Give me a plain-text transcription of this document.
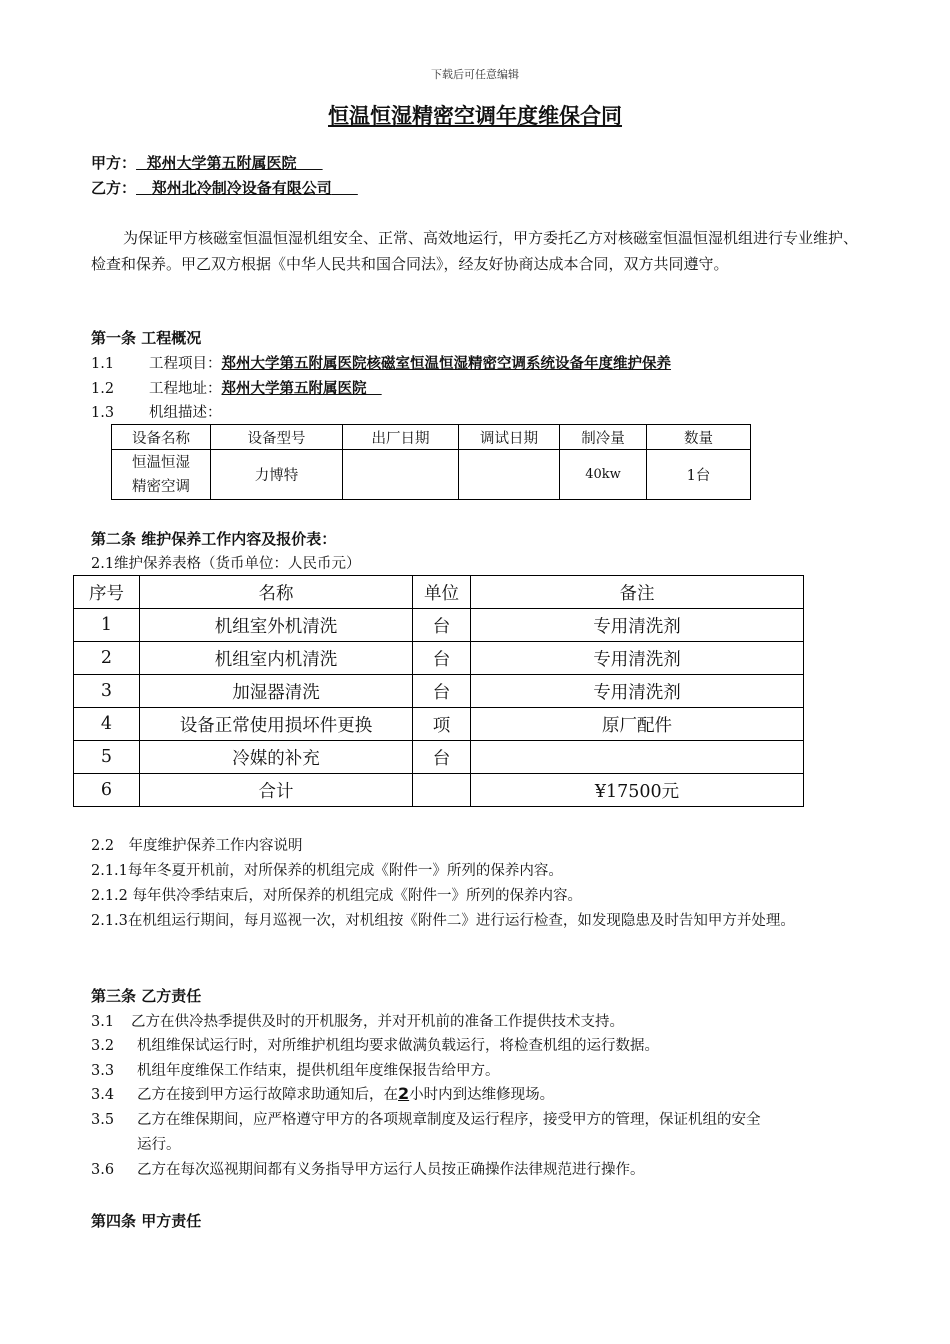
下载后可任意编辑
恒温恒湿精密空调年度维保合同
甲方： 郑州大学第五附属医院
乙方： 郑州北冷制冷设备有限公司
为保证甲方核磁室恒温恒湿机组安全、正常、高效地运行，甲方委托乙方对核磁室恒温恒湿机组进行专业维护、检查和保养。甲乙双方根据《中华人民共和国合同法》，经友好协商达成本合同，双方共同遵守。
第一条 工程概况
1.1 工程项目：郑州大学第五附属医院核磁室恒温恒湿精密空调系统设备年度维护保养
1.2 工程地址：郑州大学第五附属医院
1.3 机组描述：
设备名称	设备型号	出厂日期	调试日期	制冷量	数量
恒温恒湿精密空调	力博特			40kw	1台
第二条 维护保养工作内容及报价表：
2.1维护保养表格（货币单位：人民币元）
序号	名称	单位	备注
1	机组室外机清洗	台	专用清洗剂
2	机组室内机清洗	台	专用清洗剂
3	加湿器清洗	台	专用清洗剂
4	设备正常使用损坏件更换	项	原厂配件
5	冷媒的补充	台	
6	合计		¥17500元
2.2　年度维护保养工作内容说明
2.1.1每年冬夏开机前，对所保养的机组完成《附件一》所列的保养内容。
2.1.2 每年供冷季结束后，对所保养的机组完成《附件一》所列的保养内容。
2.1.3在机组运行期间，每月巡视一次，对机组按《附件二》进行运行检查，如发现隐患及时告知甲方并处理。
第三条 乙方责任
3.1 乙方在供冷热季提供及时的开机服务，并对开机前的准备工作提供技术支持。
3.2 机组维保试运行时，对所维护机组均要求做满负载运行，将检查机组的运行数据。
3.3 机组年度维保工作结束，提供机组年度维保报告给甲方。
3.4 乙方在接到甲方运行故障求助通知后，在2小时内到达维修现场。
3.5 乙方在维保期间，应严格遵守甲方的各项规章制度及运行程序，接受甲方的管理，保证机组的安全
运行。
3.6 乙方在每次巡视期间都有义务指导甲方运行人员按正确操作法律规范进行操作。
第四条 甲方责任
